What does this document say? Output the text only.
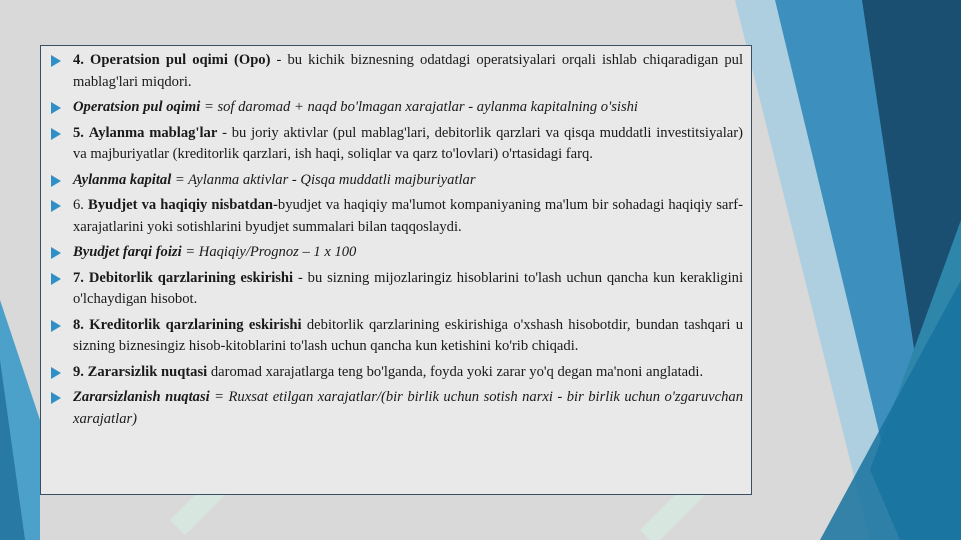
4. Operatsion pul oqimi (Opo) - bu kichik biznesning odatdagi operatsiyalari orqali ishlab chiqaradigan pul mablag'lari miqdori.
Operatsion pul oqimi = sof daromad + naqd bo'lmagan xarajatlar - aylanma kapitalning o'sishi
5. Aylanma mablag'lar - bu joriy aktivlar (pul mablag'lari, debitorlik qarzlari va qisqa muddatli investitsiyalar) va majburiyatlar (kreditorlik qarzlari, ish haqi, soliqlar va qarz to'lovlari) o'rtasidagi farq.
Aylanma kapital = Aylanma aktivlar - Qisqa muddatli majburiyatlar
6. Byudjet va haqiqiy nisbatdan-byudjet va haqiqiy ma'lumot kompaniyaning ma'lum bir sohadagi haqiqiy sarf-xarajatlarini yoki sotishlarini byudjet summalari bilan taqqoslaydi.
Byudjet farqi foizi = Haqiqiy/Prognoz – 1 x 100
7. Debitorlik qarzlarining eskirishi - bu sizning mijozlaringiz hisoblarini to'lash uchun qancha kun kerakligini o'lchaydigan hisobot.
8. Kreditorlik qarzlarining eskirishi debitorlik qarzlarining eskirishiga o'xshash hisobotdir, bundan tashqari u sizning biznesingiz hisob-kitoblarini to'lash uchun qancha kun ketishini ko'rib chiqadi.
9. Zararsizlik nuqtasi daromad xarajatlarga teng bo'lganda, foyda yoki zarar yo'q degan ma'noni anglatadi.
Zararsizlanish nuqtasi = Ruxsat etilgan xarajatlar/(bir birlik uchun sotish narxi - bir birlik uchun o'zgaruvchan xarajatlar)
